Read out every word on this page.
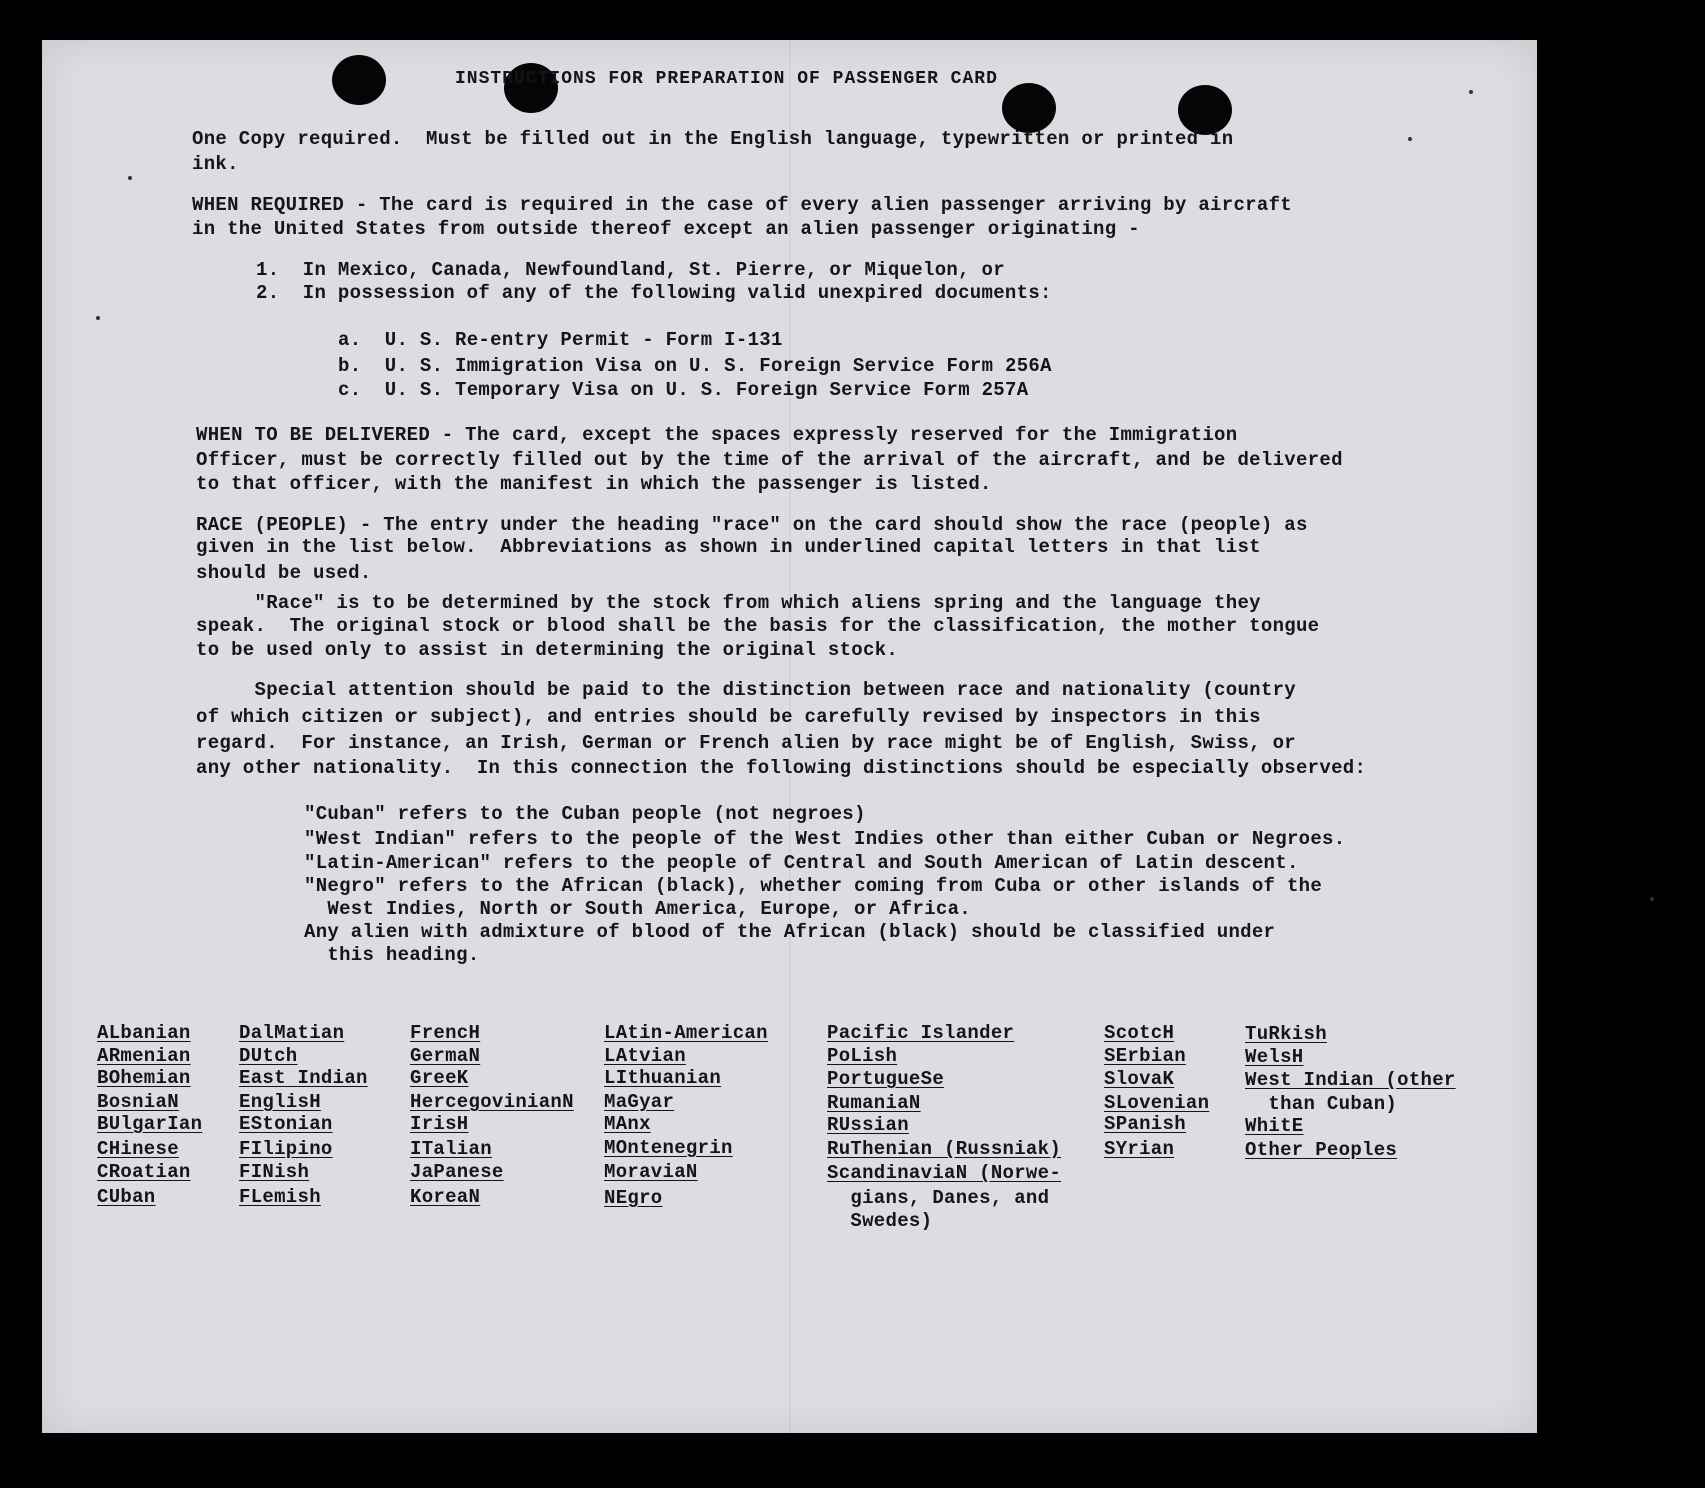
INSTRUCTIONS FOR PREPARATION OF PASSENGER CARD
One Copy required.  Must be filled out in the English language, typewritten or printed in
ink.
WHEN REQUIRED - The card is required in the case of every alien passenger arriving by aircraft
in the United States from outside thereof except an alien passenger originating -
1.  In Mexico, Canada, Newfoundland, St. Pierre, or Miquelon, or
2.  In possession of any of the following valid unexpired documents:
a.  U. S. Re-entry Permit - Form I-131
b.  U. S. Immigration Visa on U. S. Foreign Service Form 256A
c.  U. S. Temporary Visa on U. S. Foreign Service Form 257A
WHEN TO BE DELIVERED - The card, except the spaces expressly reserved for the Immigration
Officer, must be correctly filled out by the time of the arrival of the aircraft, and be delivered
to that officer, with the manifest in which the passenger is listed.
RACE (PEOPLE) - The entry under the heading "race" on the card should show the race (people) as
given in the list below.  Abbreviations as shown in underlined capital letters in that list
should be used.
"Race" is to be determined by the stock from which aliens spring and the language they
speak.  The original stock or blood shall be the basis for the classification, the mother tongue
to be used only to assist in determining the original stock.
Special attention should be paid to the distinction between race and nationality (country
of which citizen or subject), and entries should be carefully revised by inspectors in this
regard.  For instance, an Irish, German or French alien by race might be of English, Swiss, or
any other nationality.  In this connection the following distinctions should be especially observed:
"Cuban" refers to the Cuban people (not negroes)
"West Indian" refers to the people of the West Indies other than either Cuban or Negroes.
"Latin-American" refers to the people of Central and South American of Latin descent.
"Negro" refers to the African (black), whether coming from Cuba or other islands of the
West Indies, North or South America, Europe, or Africa.
Any alien with admixture of blood of the African (black) should be classified under
this heading.
ALbanian
ARmenian
BOhemian
BosniaN
BUlgarIan
CHinese
CRoatian
CUban
DalMatian
DUtch
East Indian
EnglisH
EStonian
FIlipino
FINish
FLemish
FrencH
GermaN
GreeK
HercegovinianN
IrisH
ITalian
JaPanese
KoreaN
LAtin-American
LAtvian
LIthuanian
MaGyar
MAnx
MOntenegrin
MoraviaN
NEgro
Pacific Islander
PoLish
PortugueSe
RumaniaN
RUssian
RuThenian (Russniak)
ScandinaviaN (Norwe-
gians, Danes, and
Swedes)
ScotcH
SErbian
SlovaK
SLovenian
SPanish
SYrian
TuRkish
WelsH
West Indian (other
than Cuban)
WhitE
Other Peoples
